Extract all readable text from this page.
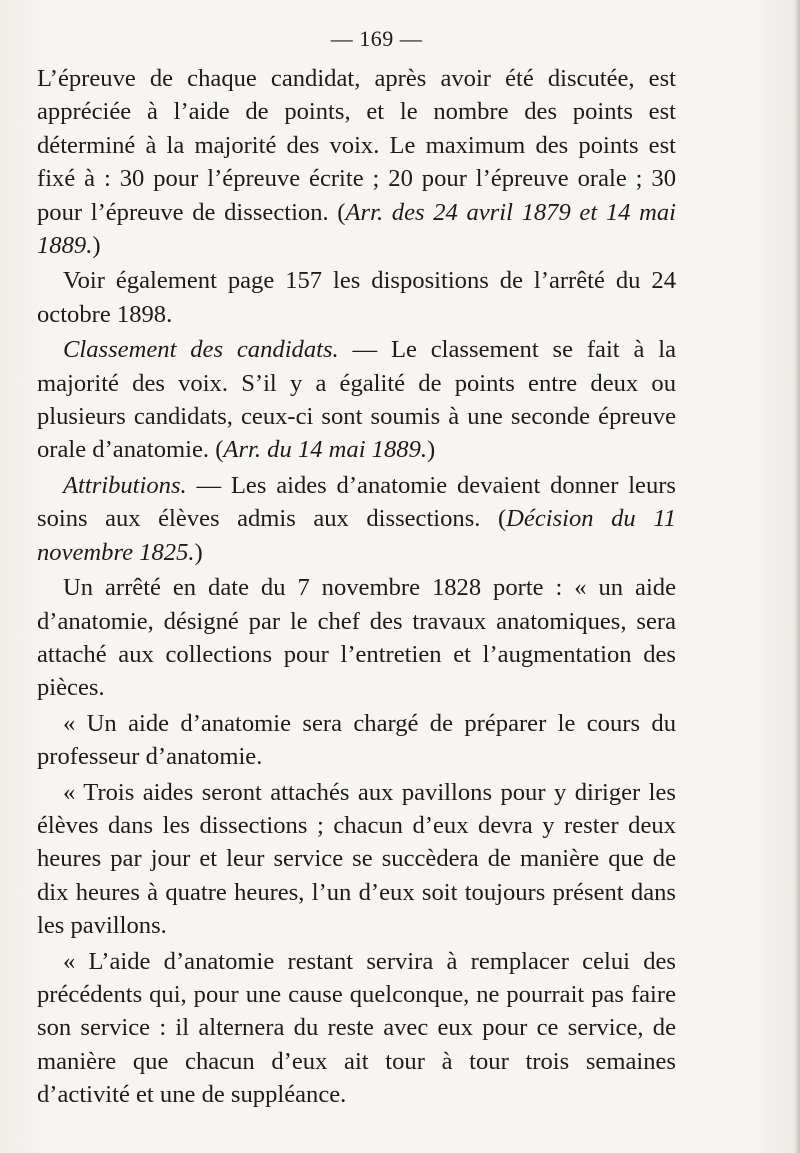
— 169 —

L’épreuve de chaque candidat, après avoir été discutée, est appréciée à l’aide de points, et le nombre des points est déterminé à la majorité des voix. Le maximum des points est fixé à : 30 pour l’épreuve écrite ; 20 pour l’épreuve orale ; 30 pour l’épreuve de dissection. (Arr. des 24 avril 1879 et 14 mai 1889.)

Voir également page 157 les dispositions de l’arrêté du 24 octobre 1898.

Classement des candidats. — Le classement se fait à la majorité des voix. S’il y a égalité de points entre deux ou plusieurs candidats, ceux-ci sont soumis à une seconde épreuve orale d’anatomie. (Arr. du 14 mai 1889.)

Attributions. — Les aides d’anatomie devaient donner leurs soins aux élèves admis aux dissections. (Décision du 11 novembre 1825.)

Un arrêté en date du 7 novembre 1828 porte : « un aide d’anatomie, désigné par le chef des travaux anatomiques, sera attaché aux collections pour l’entretien et l’augmentation des pièces.

« Un aide d’anatomie sera chargé de préparer le cours du professeur d’anatomie.

« Trois aides seront attachés aux pavillons pour y diriger les élèves dans les dissections ; chacun d’eux devra y rester deux heures par jour et leur service se succèdera de manière que de dix heures à quatre heures, l’un d’eux soit toujours présent dans les pavillons.

« L’aide d’anatomie restant servira à remplacer celui des précédents qui, pour une cause quelconque, ne pourrait pas faire son service : il alternera du reste avec eux pour ce service, de manière que chacun d’eux ait tour à tour trois semaines d’activité et une de suppléance.
